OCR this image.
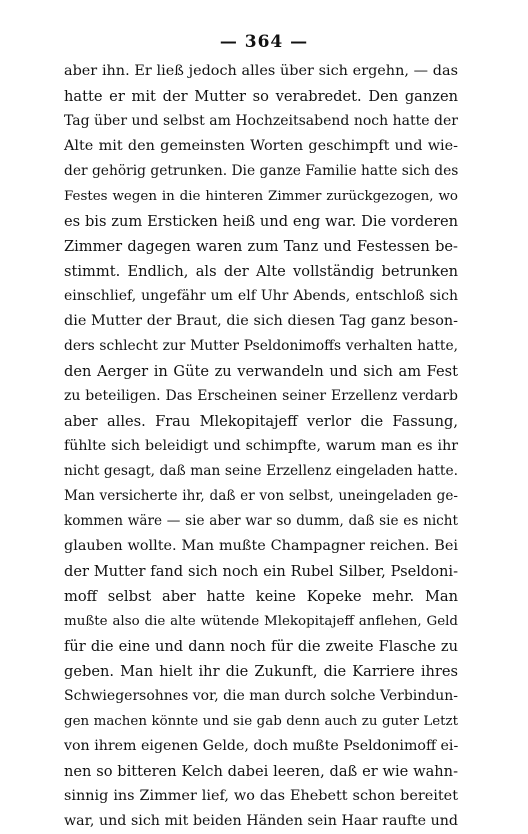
— 364 —
aber ihn. Er ließ jedoch alles über sich ergehn, — das
hatte er mit der Mutter so verabredet. Den ganzen
Tag über und selbst am Hochzeitsabend noch hatte der
Alte mit den gemeinsten Worten geschimpft und wie-
der gehörig getrunken. Die ganze Familie hatte sich des
Festes wegen in die hinteren Zimmer zurückgezogen, wo
es bis zum Ersticken heiß und eng war. Die vorderen
Zimmer dagegen waren zum Tanz und Festessen be-
stimmt. Endlich, als der Alte vollständig betrunken
einschlief, ungefähr um elf Uhr Abends, entschloß sich
die Mutter der Braut, die sich diesen Tag ganz beson-
ders schlecht zur Mutter Pseldonimoffs verhalten hatte,
den Aerger in Güte zu verwandeln und sich am Fest
zu beteiligen. Das Erscheinen seiner Erzellenz verdarb
aber alles. Frau Mlekopitajeff verlor die Fassung,
fühlte sich beleidigt und schimpfte, warum man es ihr
nicht gesagt, daß man seine Erzellenz eingeladen hatte.
Man versicherte ihr, daß er von selbst, uneingeladen ge-
kommen wäre — sie aber war so dumm, daß sie es nicht
glauben wollte. Man mußte Champagner reichen. Bei
der Mutter fand sich noch ein Rubel Silber, Pseldoni-
moff selbst aber hatte keine Kopeke mehr. Man
mußte also die alte wütende Mlekopitajeff anflehen, Geld
für die eine und dann noch für die zweite Flasche zu
geben. Man hielt ihr die Zukunft, die Karriere ihres
Schwiegersohnes vor, die man durch solche Verbindun-
gen machen könnte und sie gab denn auch zu guter Letzt
von ihrem eigenen Gelde, doch mußte Pseldonimoff ei-
nen so bitteren Kelch dabei leeren, daß er wie wahn-
sinnig ins Zimmer lief, wo das Ehebett schon bereitet
war, und sich mit beiden Händen sein Haar raufte und
